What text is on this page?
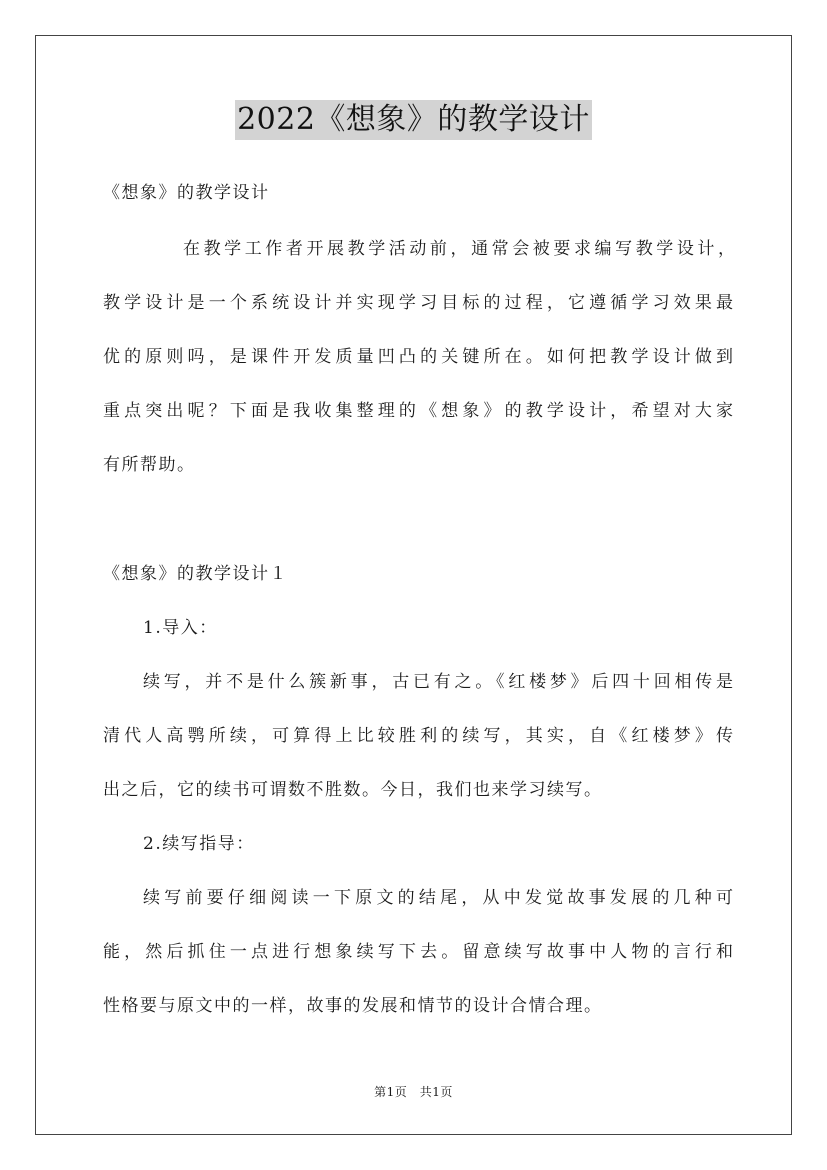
2022《想象》的教学设计
《想象》的教学设计
在教学工作者开展教学活动前，通常会被要求编写教学设计，
教学设计是一个系统设计并实现学习目标的过程，它遵循学习效果最
优的原则吗，是课件开发质量凹凸的关键所在。如何把教学设计做到
重点突出呢？下面是我收集整理的《想象》的教学设计，希望对大家
有所帮助。
《想象》的教学设计１
1.导入：
续写，并不是什么簇新事，古已有之。《红楼梦》后四十回相传是
清代人高鹗所续，可算得上比较胜利的续写，其实，自《红楼梦》传
出之后，它的续书可谓数不胜数。今日，我们也来学习续写。
2.续写指导：
续写前要仔细阅读一下原文的结尾，从中发觉故事发展的几种可
能，然后抓住一点进行想象续写下去。留意续写故事中人物的言行和
性格要与原文中的一样，故事的发展和情节的设计合情合理。
第1页　共1页
